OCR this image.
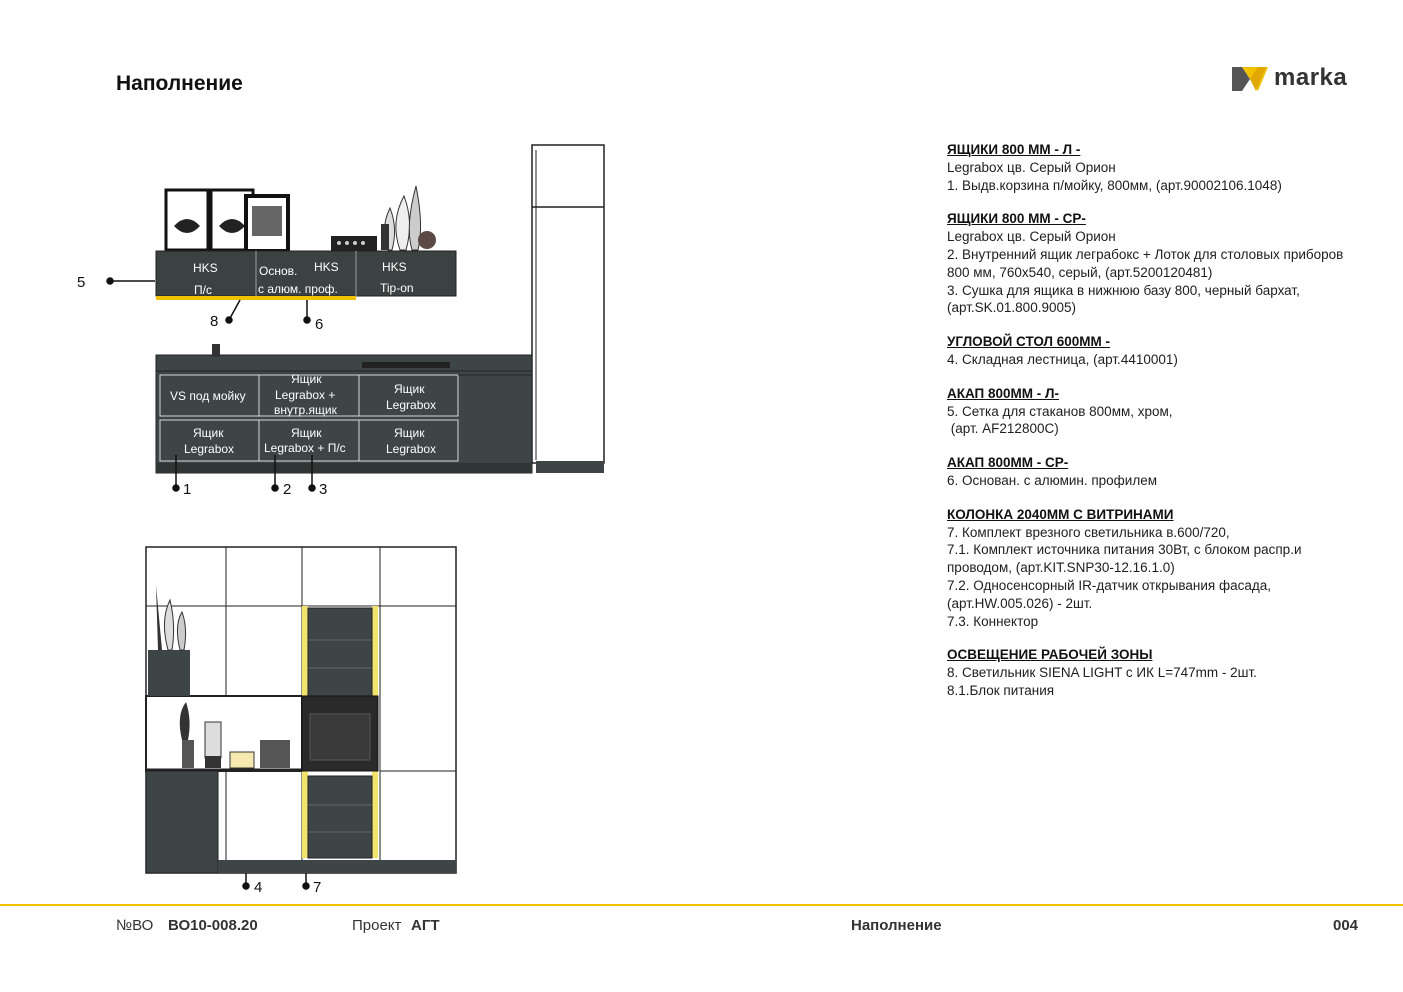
Наполнение	marka
HKS
П/с
Основ. HKS
с алюм. проф.
HKS
Tip-on
VS под мойку
Ящик
Legrabox +
внутр.ящик
Ящик
Legrabox
Ящик
Legrabox
Ящик
Legrabox + П/с
Ящик
Legrabox
5
8	6
1	2 3
4	7
ЯЩИКИ 800 ММ - Л -
Legrabox цв. Серый Орион
1. Выдв.корзина п/мойку, 800мм, (арт.90002106.1048)
ЯЩИКИ 800 ММ - СР-
Legrabox цв. Серый Орион
2. Внутренний ящик леграбокс + Лоток для столовых приборов 800 мм, 760х540, серый, (арт.5200120481)
3. Сушка для ящика в нижнюю базу 800, черный бархат, (арт.SK.01.800.9005)
УГЛОВОЙ СТОЛ 600ММ -
4. Складная лестница, (арт.4410001)
АКАП 800ММ - Л-
5. Сетка для стаканов 800мм, хром,
(арт. AF212800C)
АКАП 800ММ - СР-
6. Основан. с алюмин. профилем
КОЛОНКА 2040ММ С ВИТРИНАМИ
7. Комплект врезного светильника в.600/720,
7.1. Комплект источника питания 30Вт, с блоком распр.и проводом, (арт.KIT.SNP30-12.16.1.0)
7.2. Односенсорный IR-датчик открывания фасада, (арт.HW.005.026) - 2шт.
7.3. Коннектор
ОСВЕЩЕНИЕ РАБОЧЕЙ ЗОНЫ
8. Светильник SIENA LIGHT с ИК L=747mm - 2шт.
8.1.Блок питания
№ВО ВО10-008.20	Проект АГТ	Наполнение	004
